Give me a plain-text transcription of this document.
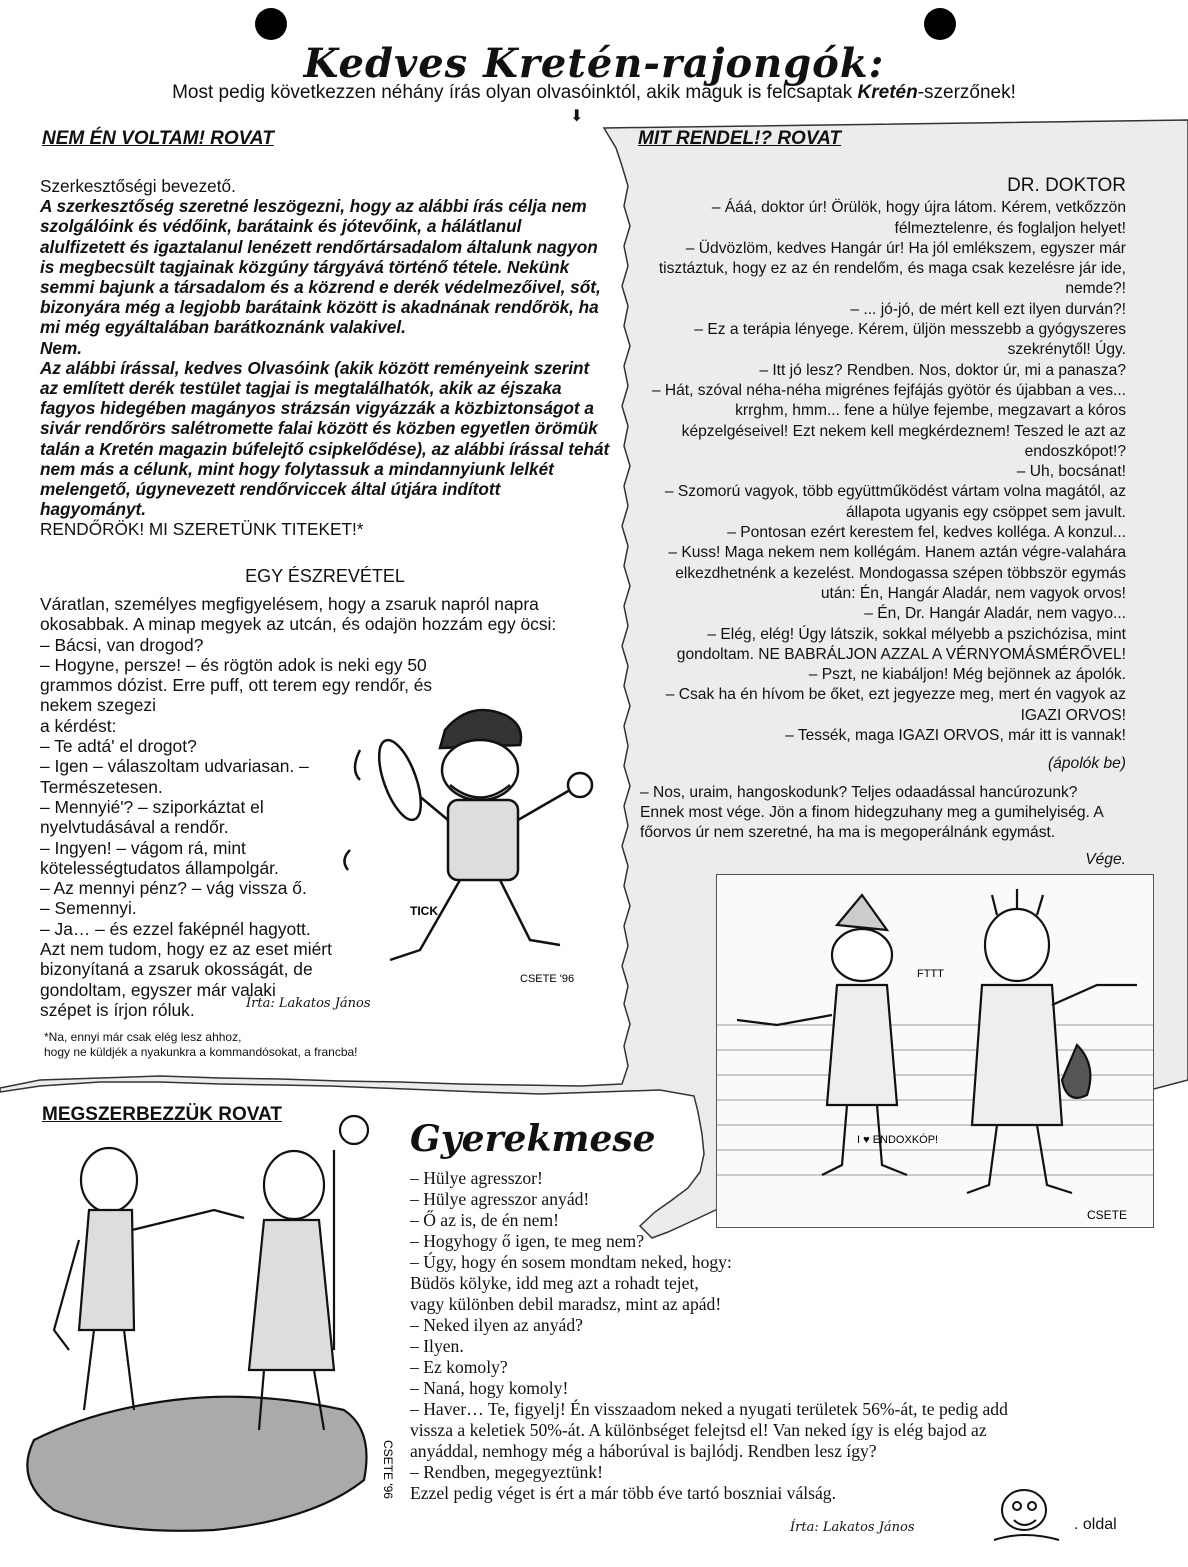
Kedves Kretén-rajongók:
Most pedig következzen néhány írás olyan olvasóinktól, akik maguk is felcsaptak Kretén-szerzőnek!
⬇
NEM ÉN VOLTAM! ROVAT
Szerkesztőségi bevezető.
A szerkesztőség szeretné leszögezni, hogy az alábbi írás célja nem szolgálóink és védőink, barátaink és jótevőink, a hálátlanul alulfizetett és igaztalanul lenézett rendőrtársadalom általunk nagyon is megbecsült tagjainak közgúny tárgyává történő tétele. Nekünk semmi bajunk a társadalom és a közrend e derék védelmezőivel, sőt, bizonyára még a legjobb barátaink között is akadnának rendőrök, ha mi még egyáltalában barátkoznánk valakivel.
Nem.
Az alábbi írással, kedves Olvasóink (akik között reményeink szerint az említett derék testület tagjai is megtalálhatók, akik az éjszaka fagyos hidegében magányos strázsán vigyázzák a közbiztonságot a sivár rendőrörs salétromette falai között és közben egyetlen örömük talán a Kretén magazin búfelejtő csipkelődése), az alábbi írással tehát nem más a célunk, mint hogy folytassuk a mindannyiunk lelkét melengető, úgynevezett rendőrviccek által útjára indított hagyományt.
RENDŐRÖK! MI SZERETÜNK TITEKET!*
EGY ÉSZREVÉTEL
Váratlan, személyes megfigyelésem, hogy a zsaruk napról napra okosabbak. A minap megyek az utcán, és odajön hozzám egy öcsi:
– Bácsi, van drogod?
– Hogyne, persze! – és rögtön adok is neki egy 50 grammos dózist. Erre puff, ott terem egy rendőr, és nekem szegezi
a kérdést:
– Te adtá' el drogot?
– Igen – válaszoltam udvariasan. –
Természetesen.
– Mennyié'? – sziporkáztat el
nyelvtudásával a rendőr.
– Ingyen! – vágom rá, mint
kötelességtudatos állampolgár.
– Az mennyi pénz? – vág vissza ő.
– Semennyi.
– Ja… – és ezzel faképnél hagyott.
Azt nem tudom, hogy ez az eset miért
bizonyítaná a zsaruk okosságát, de
gondoltam, egyszer már valaki
szépet is írjon róluk.	Írta: Lakatos János
TICK
CSETE '96
*Na, ennyi már csak elég lesz ahhoz,
hogy ne küldjék a nyakunkra a kommandósokat, a francba!
MIT RENDEL!? ROVAT
DR. DOKTOR
– Ááá, doktor úr! Örülök, hogy újra látom. Kérem, vetkőzzön félmeztelenre, és foglaljon helyet!
– Üdvözlöm, kedves Hangár úr! Ha jól emlékszem, egyszer már tisztáztuk, hogy ez az én rendelőm, és maga csak kezelésre jár ide, nemde?!
– ... jó-jó, de mért kell ezt ilyen durván?!
– Ez a terápia lényege. Kérem, üljön messzebb a gyógyszeres szekrénytől! Úgy.
– Itt jó lesz? Rendben. Nos, doktor úr, mi a panasza?
– Hát, szóval néha-néha migrénes fejfájás gyötör és újabban a ves... krrghm, hmm... fene a hülye fejembe, megzavart a kóros képzelgéseivel! Ezt nekem kell megkérdeznem! Teszed le azt az endoszkópot!?
– Uh, bocsánat!
– Szomorú vagyok, több együttműködést vártam volna magától, az állapota ugyanis egy csöppet sem javult.
– Pontosan ezért kerestem fel, kedves kolléga. A konzul...
– Kuss! Maga nekem nem kollégám. Hanem aztán végre-valahára elkezdhetnénk a kezelést. Mondogassa szépen többször egymás után: Én, Hangár Aladár, nem vagyok orvos!
– Én, Dr. Hangár Aladár, nem vagyo...
– Elég, elég! Úgy látszik, sokkal mélyebb a pszichózisa, mint gondoltam. NE BABRÁLJON AZZAL A VÉRNYOMÁSMÉRŐVEL!
– Pszt, ne kiabáljon! Még bejönnek az ápolók.
– Csak ha én hívom be őket, ezt jegyezze meg, mert én vagyok az IGAZI ORVOS!
– Tessék, maga IGAZI ORVOS, már itt is vannak!
(ápolók be)
– Nos, uraim, hangoskodunk? Teljes odaadással hancúrozunk? Ennek most vége. Jön a finom hidegzuhany meg a gumihelyiség. A főorvos úr nem szeretné, ha ma is megoperálnánk egymást.
Vége.
Götz Attila
I ♥ ENDOXKÓP!
FTTT
CSETE
MEGSZERBEZZÜK ROVAT
CSETE '96
Gyerekmese
– Hülye agresszor!
– Hülye agresszor anyád!
– Ő az is, de én nem!
– Hogyhogy ő igen, te meg nem?
– Úgy, hogy én sosem mondtam neked, hogy:
Büdös kölyke, idd meg azt a rohadt tejet,
vagy különben debil maradsz, mint az apád!
– Neked ilyen az anyád?
– Ilyen.
– Ez komoly?
– Naná, hogy komoly!
– Haver… Te, figyelj! Én visszaadom neked a nyugati területek 56%-át, te pedig add vissza a keletiek 50%-át. A különbséget felejtsd el! Van neked így is elég bajod az anyáddal, nemhogy még a háborúval is bajlódj. Rendben lesz így?
– Rendben, megegyeztünk!
Ezzel pedig véget is ért a már több éve tartó boszniai válság.
Írta: Lakatos János	. oldal
